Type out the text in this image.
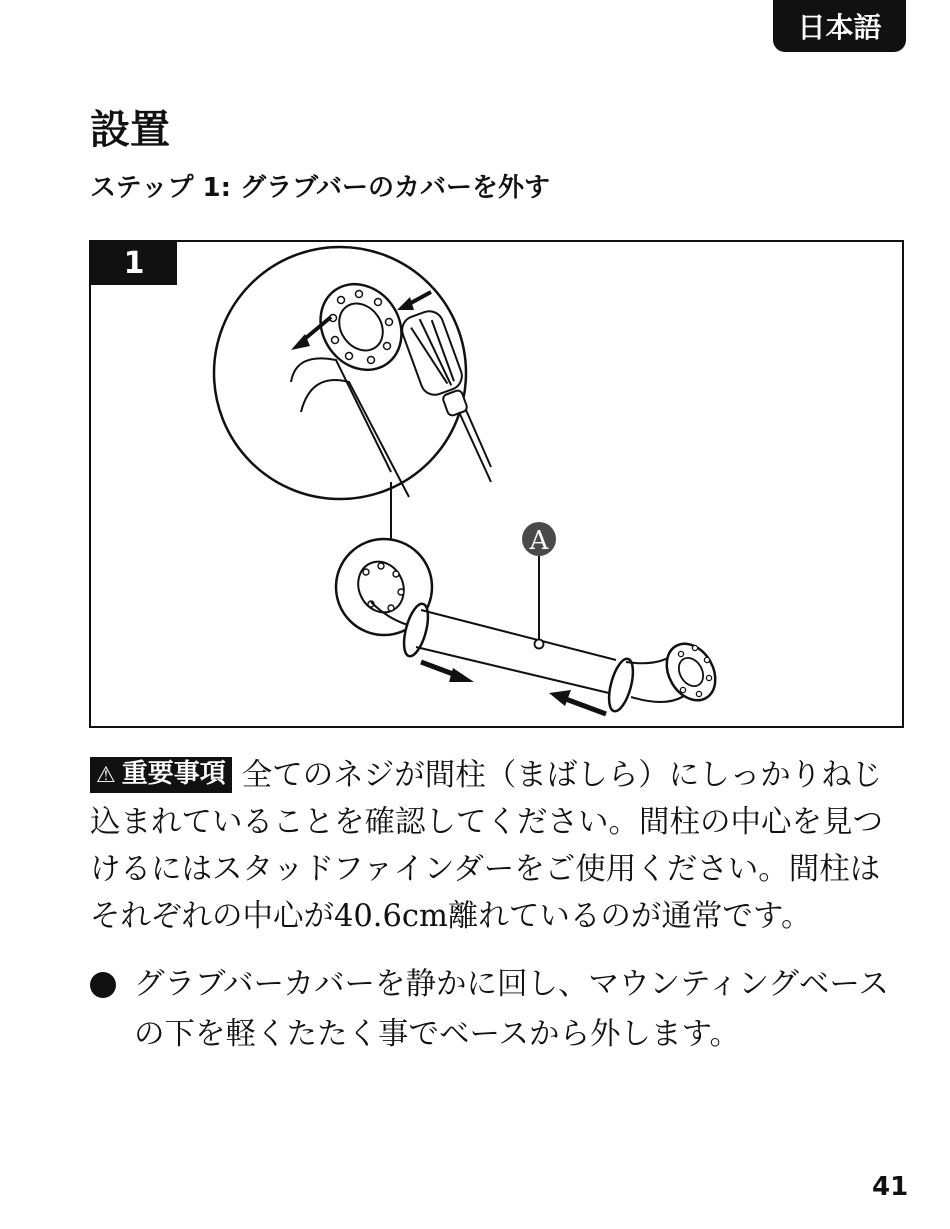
日本語
設置
ステップ 1: グラブバーのカバーを外す
A
1

⚠ 重要事項 全てのネジが間柱（まばしら）にしっかりねじ込まれていることを確認してください。間柱の中心を見つけるにはスタッドファインダーをご使用ください。間柱はそれぞれの中心が40.6cm離れているのが通常です。

グラブバーカバーを静かに回し、マウンティングベースの下を軽くたたく事でベースから外します。
41
